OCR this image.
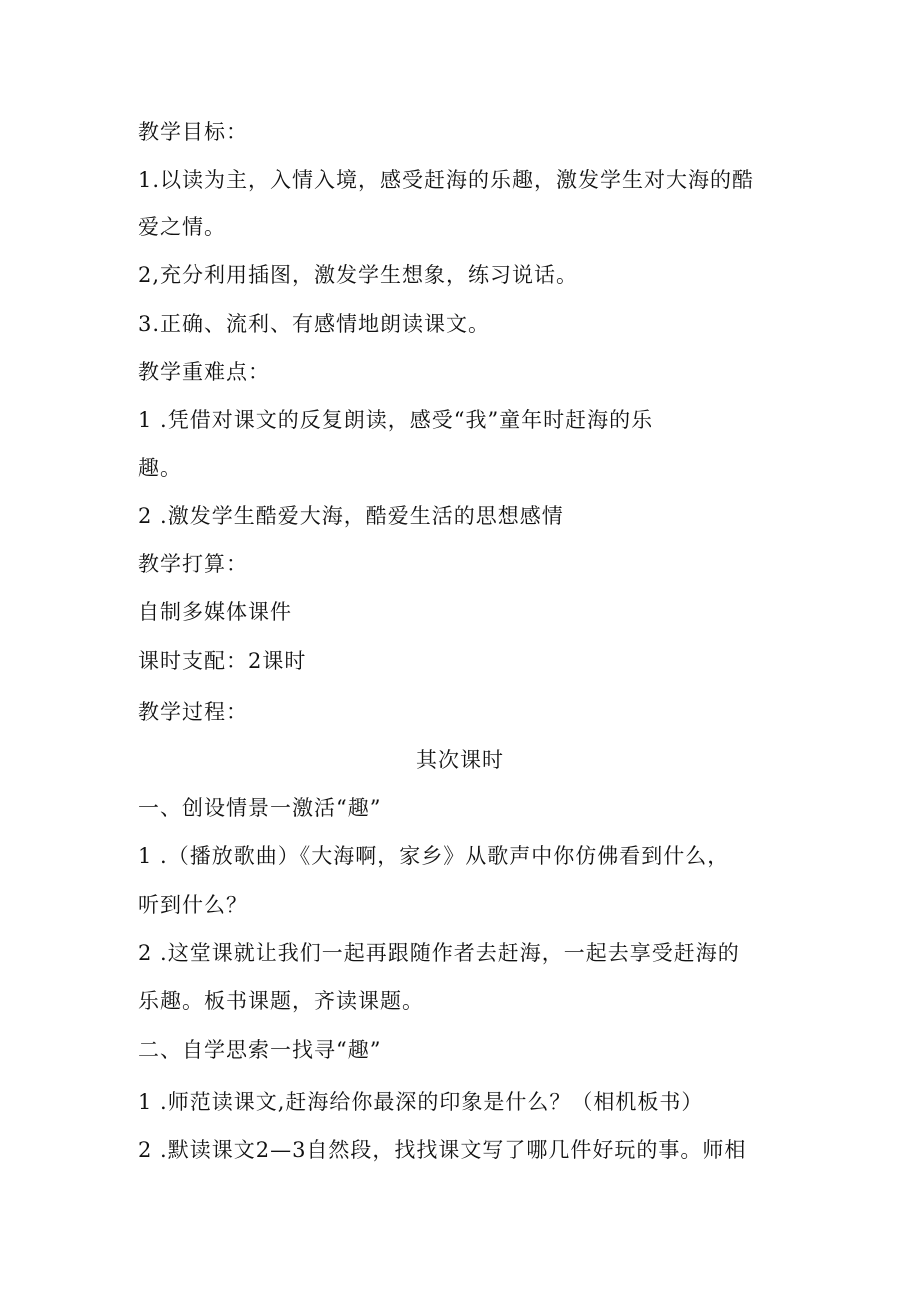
教学目标：
1.以读为主，入情入境，感受赶海的乐趣，激发学生对大海的酷
爱之情。
2,充分利用插图，激发学生想象，练习说话。
3.正确、流利、有感情地朗读课文。
教学重难点：
1 .凭借对课文的反复朗读，感受“我”童年时赶海的乐
趣。
2 .激发学生酷爱大海，酷爱生活的思想感情
教学打算：
自制多媒体课件
课时支配：2课时
教学过程：
其次课时
一、创设情景一激活“趣”
1 .（播放歌曲）《大海啊，家乡》从歌声中你仿佛看到什么，
听到什么？
2 .这堂课就让我们一起再跟随作者去赶海，一起去享受赶海的
乐趣。板书课题，齐读课题。
二、自学思索一找寻“趣”
1 .师范读课文,赶海给你最深的印象是什么？（相机板书）
2 .默读课文2—3自然段，找找课文写了哪几件好玩的事。师相
